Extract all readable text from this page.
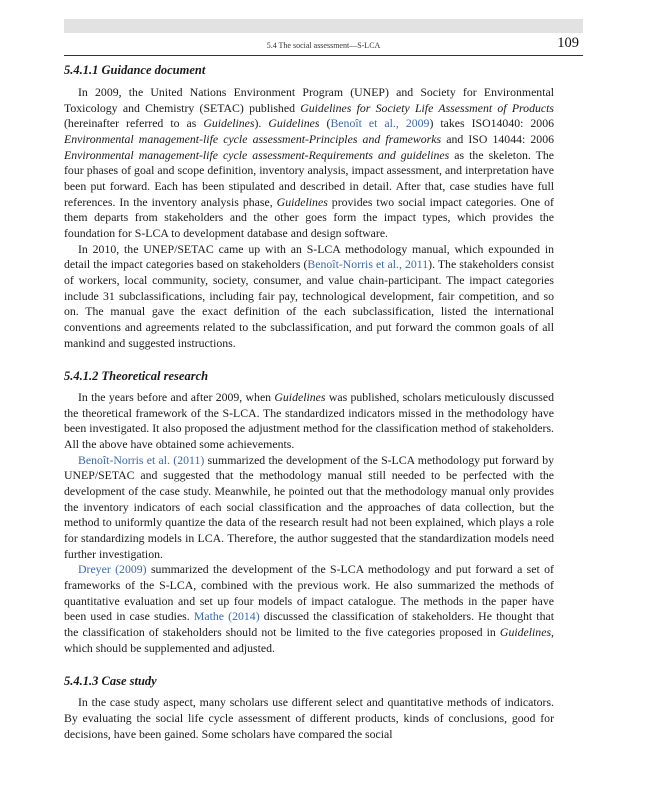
5.4 The social assessment—S-LCA	109
5.4.1.1 Guidance document

In 2009, the United Nations Environment Program (UNEP) and Society for Environmental Toxicology and Chemistry (SETAC) published Guidelines for Society Life Assessment of Products (hereinafter referred to as Guidelines). Guidelines (Benoît et al., 2009) takes ISO14040: 2006 Environmental management-life cycle assessment-Principles and frameworks and ISO 14044: 2006 Environmental management-life cycle assessment-Requirements and guidelines as the skeleton. The four phases of goal and scope definition, inventory analysis, impact assessment, and interpretation have been put forward. Each has been stipulated and described in detail. After that, case studies have full references. In the inventory analysis phase, Guidelines provides two social impact categories. One of them departs from stakeholders and the other goes form the impact types, which provides the foundation for S-LCA to development database and design software.

In 2010, the UNEP/SETAC came up with an S-LCA methodology manual, which expounded in detail the impact categories based on stakeholders (Benoît-Norris et al., 2011). The stakeholders consist of workers, local community, society, consumer, and value chain-participant. The impact categories include 31 subclassifications, including fair pay, technological development, fair competition, and so on. The manual gave the exact definition of the each subclassification, listed the international conventions and agreements related to the subclassification, and put forward the common goals of all mankind and suggested instructions.

5.4.1.2 Theoretical research

In the years before and after 2009, when Guidelines was published, scholars meticulously discussed the theoretical framework of the S-LCA. The standardized indicators missed in the methodology have been investigated. It also proposed the adjustment method for the classification method of stakeholders. All the above have obtained some achievements.

Benoît-Norris et al. (2011) summarized the development of the S-LCA methodology put forward by UNEP/SETAC and suggested that the methodology manual still needed to be perfected with the development of the case study. Meanwhile, he pointed out that the methodology manual only provides the inventory indicators of each social classification and the approaches of data collection, but the method to uniformly quantize the data of the research result had not been explained, which plays a role for standardizing models in LCA. Therefore, the author suggested that the standardization models need further investigation.

Dreyer (2009) summarized the development of the S-LCA methodology and put forward a set of frameworks of the S-LCA, combined with the previous work. He also summarized the methods of quantitative evaluation and set up four models of impact catalogue. The methods in the paper have been used in case studies. Mathe (2014) discussed the classification of stakeholders. He thought that the classification of stakeholders should not be limited to the five categories proposed in Guidelines, which should be supplemented and adjusted.

5.4.1.3 Case study

In the case study aspect, many scholars use different select and quantitative methods of indicators. By evaluating the social life cycle assessment of different products, kinds of conclusions, good for decisions, have been gained. Some scholars have compared the social
